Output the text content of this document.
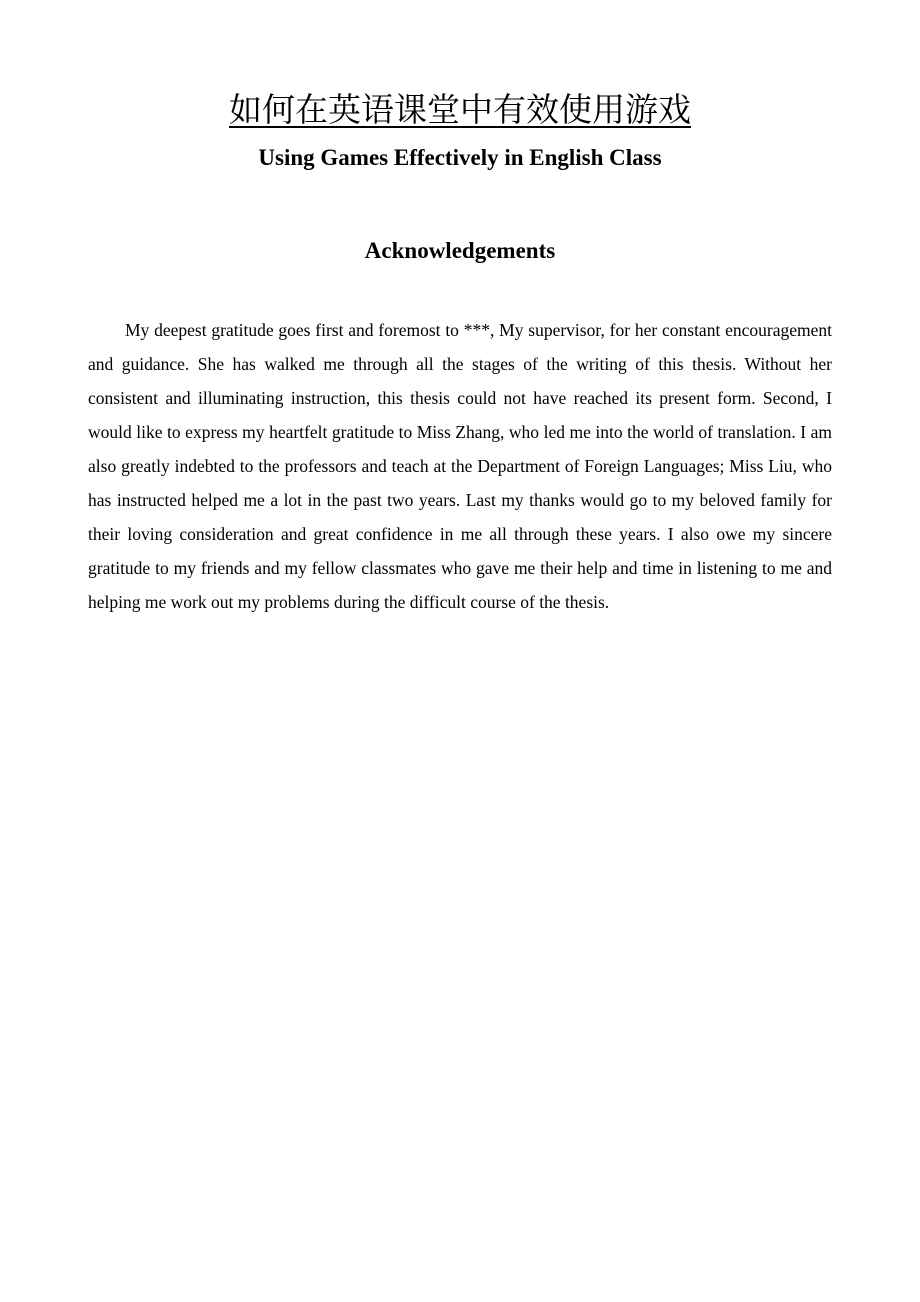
如何在英语课堂中有效使用游戏
Using Games Effectively in English Class
Acknowledgements

My deepest gratitude goes first and foremost to ***, My supervisor, for her constant encouragement and guidance. She has walked me through all the stages of the writing of this thesis. Without her consistent and illuminating instruction, this thesis could not have reached its present form. Second, I would like to express my heartfelt gratitude to Miss Zhang, who led me into the world of translation. I am also greatly indebted to the professors and teach at the Department of Foreign Languages; Miss Liu, who has instructed helped me a lot in the past two years. Last my thanks would go to my beloved family for their loving consideration and great confidence in me all through these years. I also owe my sincere gratitude to my friends and my fellow classmates who gave me their help and time in listening to me and helping me work out my problems during the difficult course of the thesis.
